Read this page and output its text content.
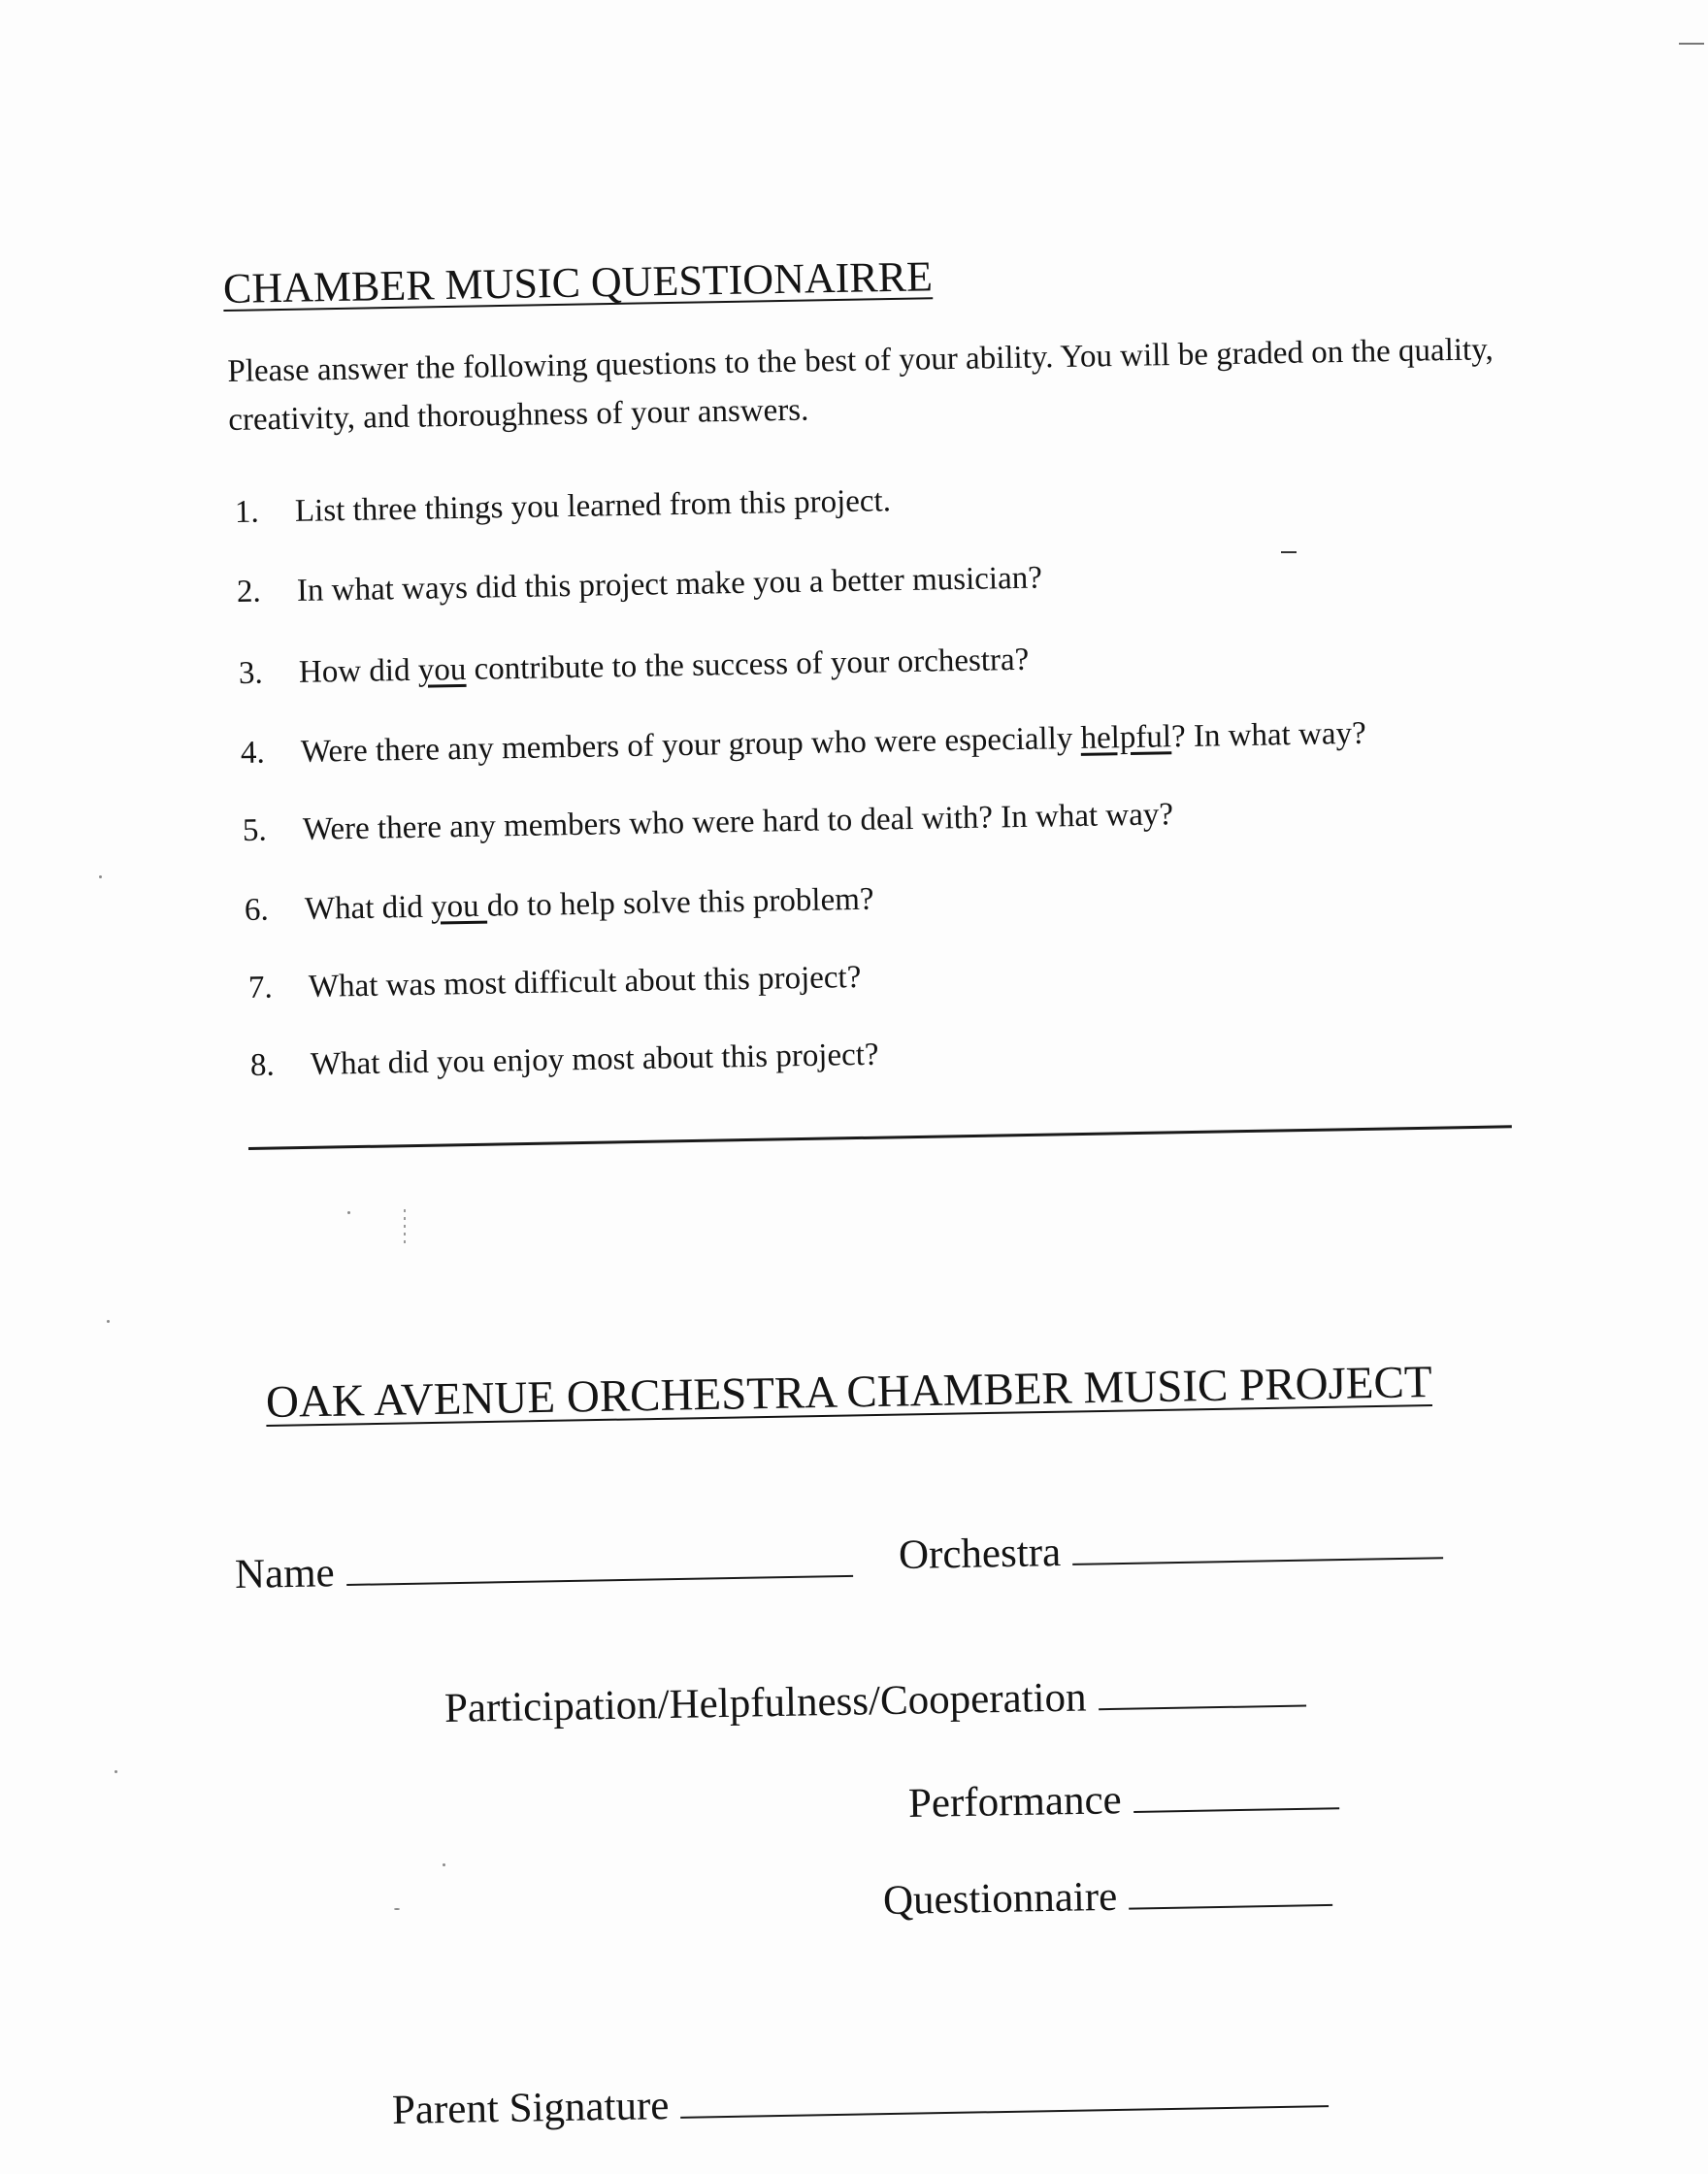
CHAMBER MUSIC QUESTIONAIRRE
Please answer the following questions to the best of your ability. You will be graded on the quality, creativity, and thoroughness of your answers.
1. List three things you learned from this project.
2. In what ways did this project make you a better musician?
3. How did you contribute to the success of your orchestra?
4. Were there any members of your group who were especially helpful? In what way?
5. Were there any members who were hard to deal with? In what way?
6. What did you do to help solve this problem?
7. What was most difficult about this project?
8. What did you enjoy most about this project?
OAK AVENUE ORCHESTRA CHAMBER MUSIC PROJECT
Name	Orchestra
Participation/Helpfulness/Cooperation
Performance
Questionnaire
Parent Signature
